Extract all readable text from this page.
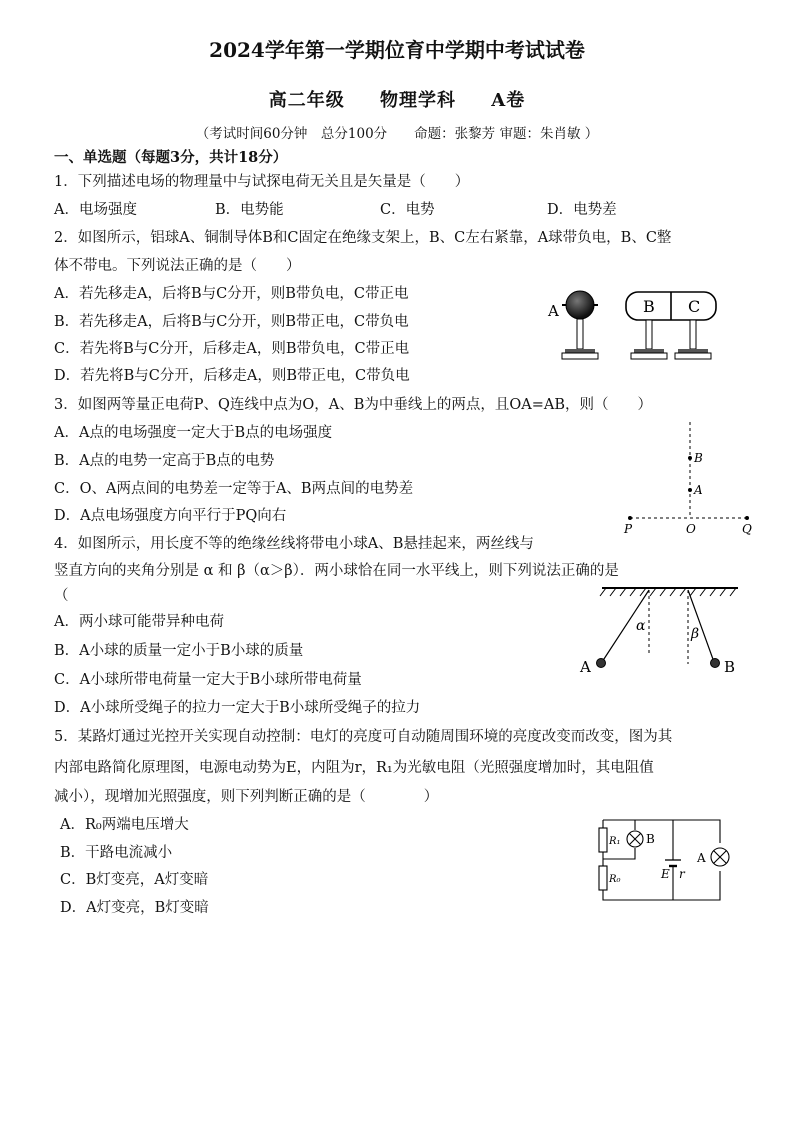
2024学年第一学期位育中学期中考试试卷
高二年级 物理学科 A卷
（考试时间60分钟　总分100分　　命题：张黎芳 审题：朱肖敏 ）
一、单选题（每题3分，共计18分）
1．下列描述电场的物理量中与试探电荷无关且是矢量是（　　）
A．电场强度	B．电势能	C．电势	D．电势差
2．如图所示，铝球A、铜制导体B和C固定在绝缘支架上，B、C左右紧靠，A球带负电，B、C整
体不带电。下列说法正确的是（　　）
A．若先移走A，后将B与C分开，则B带负电，C带正电
B．若先移走A，后将B与C分开，则B带正电，C带负电
C．若先将B与C分开，后移走A，则B带负电，C带正电
D．若先将B与C分开，后移走A，则B带正电，C带负电
A	B C
3．如图两等量正电荷P、Q连线中点为O，A、B为中垂线上的两点，且OA=AB，则（　　）
A．A点的电场强度一定大于B点的电场强度
B．A点的电势一定高于B点的电势
C．O、A两点间的电势差一定等于A、B两点间的电势差
D．A点电场强度方向平行于PQ向右
B
A
P	O	Q
4．如图所示，用长度不等的绝缘丝线将带电小球A、B悬挂起来，两丝线与
竖直方向的夹角分别是 α 和 β（α＞β）．两小球恰在同一水平线上，则下列说法正确的是
（
A．两小球可能带异种电荷
B．A小球的质量一定小于B小球的质量
C．A小球所带电荷量一定大于B小球所带电荷量
D．A小球所受绳子的拉力一定大于B小球所受绳子的拉力
α	β
A	B
5．某路灯通过光控开关实现自动控制：电灯的亮度可自动随周围环境的亮度改变而改变，图为其
内部电路简化原理图，电源电动势为E，内阻为r，R₁为光敏电阻（光照强度增加时，其电阻值
减小），现增加光照强度，则下列判断正确的是（　　　　）
A．R₀两端电压增大
B．干路电流减小
C．B灯变亮，A灯变暗
D．A灯变亮，B灯变暗
R₁
R₀
B
E r
A
